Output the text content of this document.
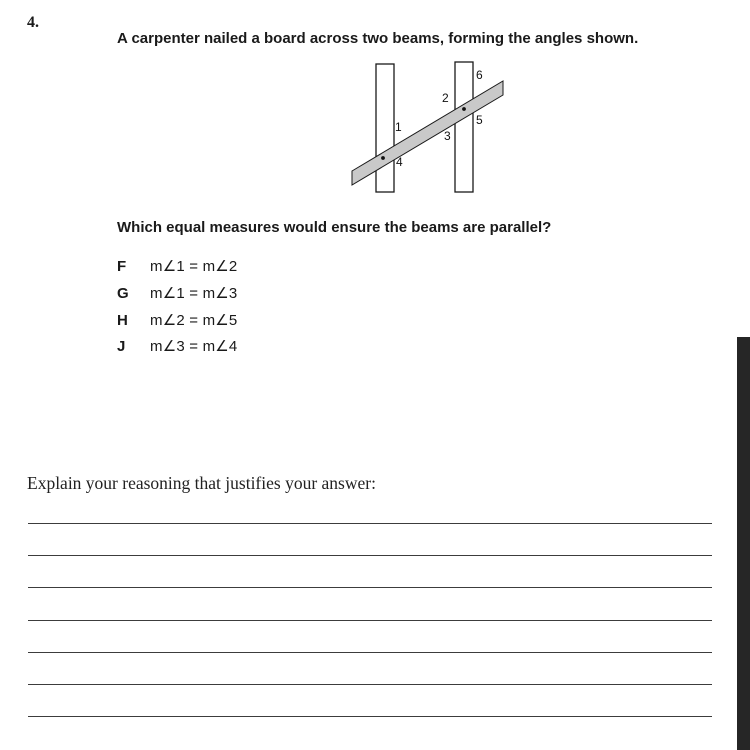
4.
A carpenter nailed a board across two beams, forming the angles shown.
1
2
3
4
5
6
Which equal measures would ensure the beams are parallel?
F m∠1 = m∠2
G m∠1 = m∠3
H m∠2 = m∠5
J m∠3 = m∠4
Explain your reasoning that justifies your answer:
